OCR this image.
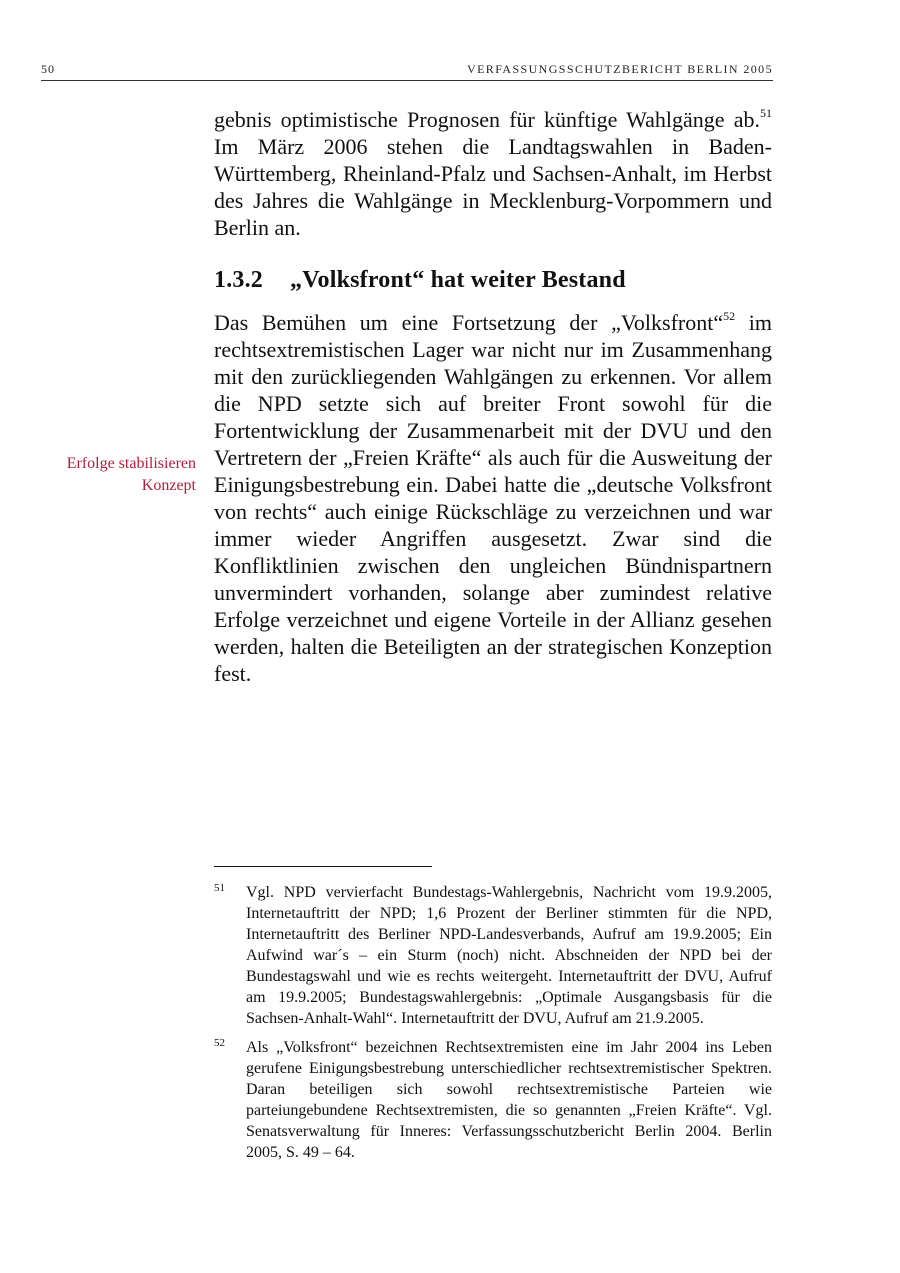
50	VERFASSUNGSSCHUTZBERICHT BERLIN 2005
Erfolge stabilisieren
Konzept

gebnis optimistische Prognosen für künftige Wahlgänge ab.$^{51}$ Im März 2006 stehen die Landtagswahlen in Baden-Württemberg, Rheinland-Pfalz und Sachsen-Anhalt, im Herbst des Jahres die Wahlgänge in Mecklenburg-Vorpommern und Berlin an.

1.3.2 „Volksfront“ hat weiter Bestand

Das Bemühen um eine Fortsetzung der „Volksfront“$^{52}$ im rechtsextremistischen Lager war nicht nur im Zusammenhang mit den zurückliegenden Wahlgängen zu erkennen. Vor allem die NPD setzte sich auf breiter Front sowohl für die Fortentwicklung der Zusammenarbeit mit der DVU und den Vertretern der „Freien Kräfte“ als auch für die Ausweitung der Einigungsbestrebung ein. Dabei hatte die „deutsche Volksfront von rechts“ auch einige Rückschläge zu verzeichnen und war immer wieder Angriffen ausgesetzt. Zwar sind die Konfliktlinien zwischen den ungleichen Bündnispartnern unvermindert vorhanden, solange aber zumindest relative Erfolge verzeichnet und eigene Vorteile in der Allianz gesehen werden, halten die Beteiligten an der strategischen Konzeption fest.

51 Vgl. NPD vervierfacht Bundestags-Wahlergebnis, Nachricht vom 19.9.2005, Internetauftritt der NPD; 1,6 Prozent der Berliner stimmten für die NPD, Internetauftritt des Berliner NPD-Landesverbands, Aufruf am 19.9.2005; Ein Aufwind war´s – ein Sturm (noch) nicht. Abschneiden der NPD bei der Bundestagswahl und wie es rechts weitergeht. Internetauftritt der DVU, Aufruf am 19.9.2005; Bundestagswahlergebnis: „Optimale Ausgangsbasis für die Sachsen-Anhalt-Wahl“. Internetauftritt der DVU, Aufruf am 21.9.2005.
52 Als „Volksfront“ bezeichnen Rechtsextremisten eine im Jahr 2004 ins Leben gerufene Einigungsbestrebung unterschiedlicher rechtsextremistischer Spektren. Daran beteiligen sich sowohl rechtsextremistische Parteien wie parteiungebundene Rechtsextremisten, die so genannten „Freien Kräfte“. Vgl. Senatsverwaltung für Inneres: Verfassungsschutzbericht Berlin 2004. Berlin 2005, S. 49 – 64.
